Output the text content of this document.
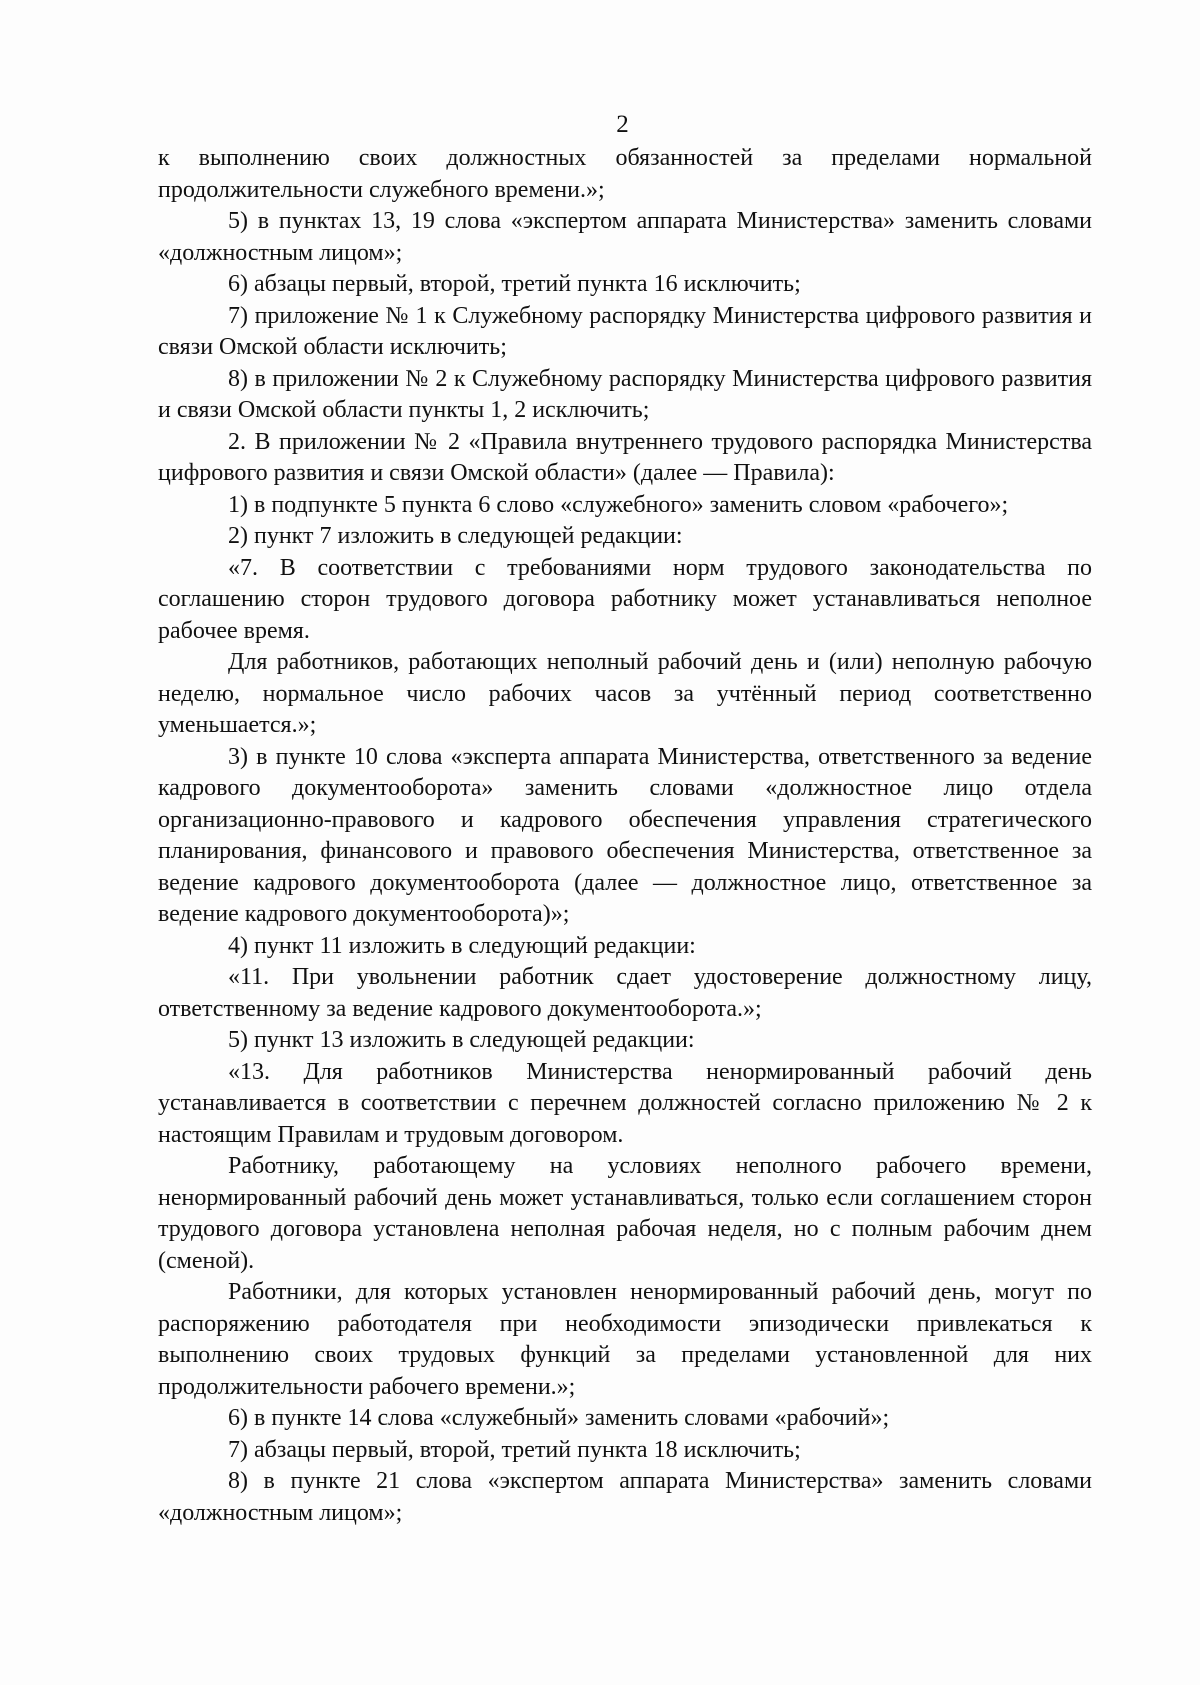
2

к выполнению своих должностных обязанностей за пределами нормальной продолжительности служебного времени.»;

5) в пунктах 13, 19 слова «экспертом аппарата Министерства» заменить словами «должностным лицом»;

6) абзацы первый, второй, третий пункта 16 исключить;

7) приложение № 1 к Служебному распорядку Министерства цифрового развития и связи Омской области исключить;

8) в приложении № 2 к Служебному распорядку Министерства цифрового развития и связи Омской области пункты 1, 2 исключить;

2. В приложении № 2 «Правила внутреннего трудового распорядка Министерства цифрового развития и связи Омской области» (далее — Правила):

1) в подпункте 5 пункта 6 слово «служебного» заменить словом «рабочего»;

2) пункт 7 изложить в следующей редакции:

«7. В соответствии с требованиями норм трудового законодательства по соглашению сторон трудового договора работнику может устанавливаться неполное рабочее время.

Для работников, работающих неполный рабочий день и (или) неполную рабочую неделю, нормальное число рабочих часов за учтённый период соответственно уменьшается.»;

3) в пункте 10 слова «эксперта аппарата Министерства, ответственного за ведение кадрового документооборота» заменить словами «должностное лицо отдела организационно-правового и кадрового обеспечения управления стратегического планирования, финансового и правового обеспечения Министерства, ответственное за ведение кадрового документооборота (далее — должностное лицо, ответственное за ведение кадрового документооборота)»;

4) пункт 11 изложить в следующий редакции:

«11. При увольнении работник сдает удостоверение должностному лицу, ответственному за ведение кадрового документооборота.»;

5) пункт 13 изложить в следующей редакции:

«13. Для работников Министерства ненормированный рабочий день устанавливается в соответствии с перечнем должностей согласно приложению № 2 к настоящим Правилам и трудовым договором.

Работнику, работающему на условиях неполного рабочего времени, ненормированный рабочий день может устанавливаться, только если соглашением сторон трудового договора установлена неполная рабочая неделя, но с полным рабочим днем (сменой).

Работники, для которых установлен ненормированный рабочий день, могут по распоряжению работодателя при необходимости эпизодически привлекаться к выполнению своих трудовых функций за пределами установленной для них продолжительности рабочего времени.»;

6) в пункте 14 слова «служебный» заменить словами «рабочий»;

7) абзацы первый, второй, третий пункта 18 исключить;

8) в пункте 21 слова «экспертом аппарата Министерства» заменить словами «должностным лицом»;
